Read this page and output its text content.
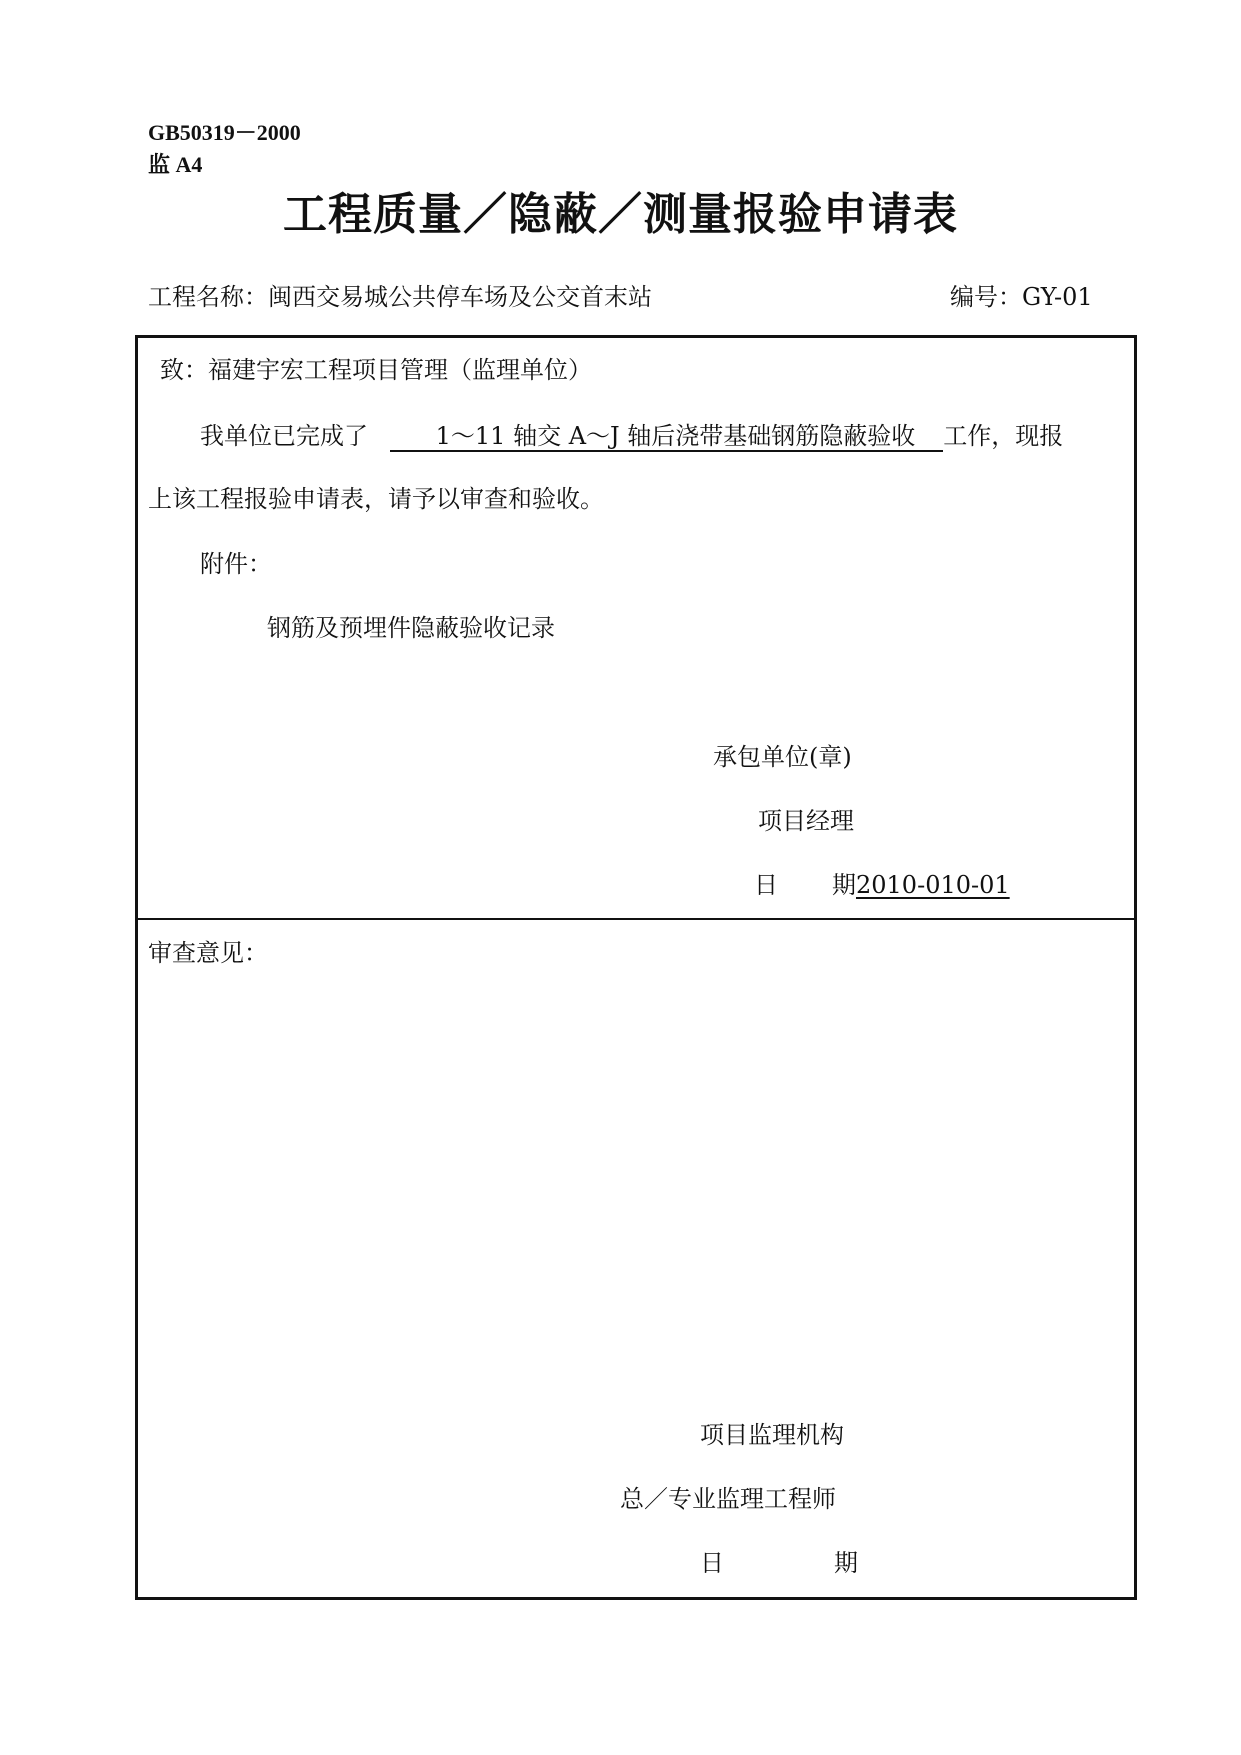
GB50319－2000
监 A4
工程质量／隐蔽／测量报验申请表
工程名称：闽西交易城公共停车场及公交首末站	编号：GY-01
致：福建宇宏工程项目管理（监理单位）
我单位已完成了	1～11 轴交 A～J 轴后浇带基础钢筋隐蔽验收 工作，现报
上该工程报验申请表，请予以审查和验收。
附件：
钢筋及预埋件隐蔽验收记录
承包单位(章)
项目经理
日 期2010-010-01
审查意见：
项目监理机构
总／专业监理工程师
日	期
